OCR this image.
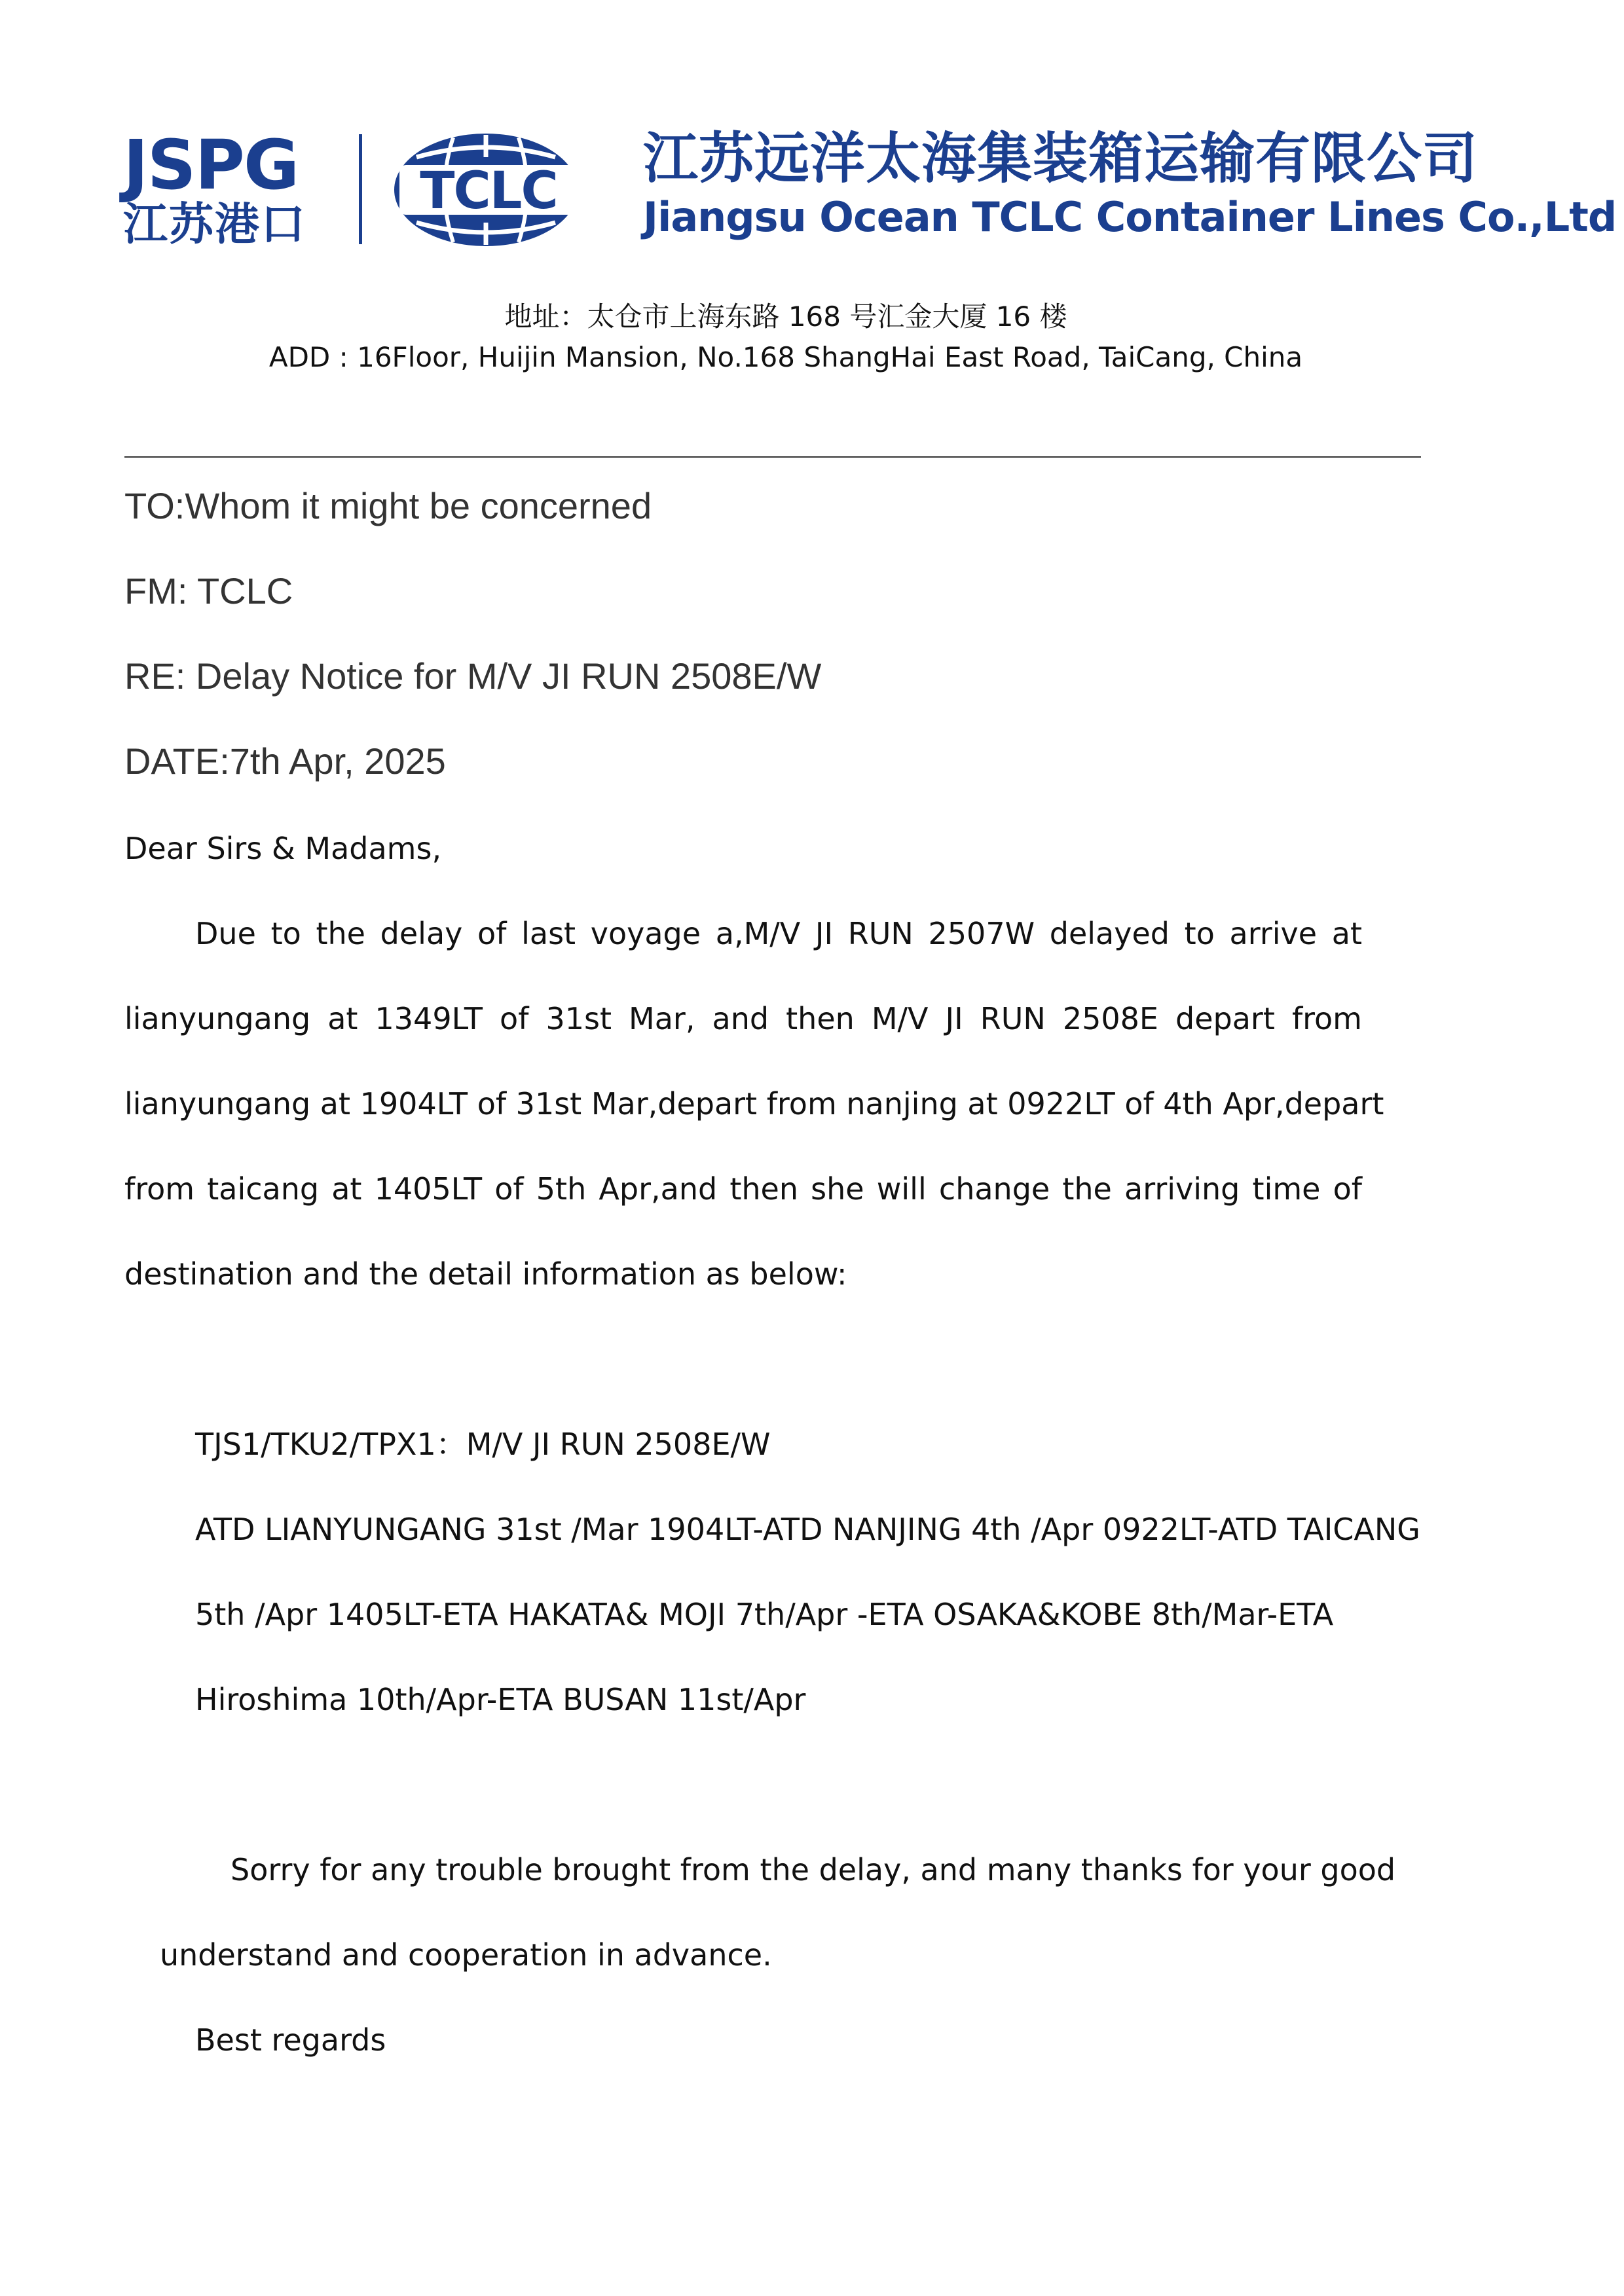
JSPG
江苏港口
TCLC
江苏远洋太海集装箱运输有限公司
Jiangsu Ocean TCLC Container Lines Co.,Ltd
地址：太仓市上海东路 168 号汇金大厦 16 楼
ADD : 16Floor, Huijin Mansion, No.168 ShangHai East Road, TaiCang, China
TO:Whom it might be concerned
FM: TCLC
RE: Delay Notice for M/V JI RUN 2508E/W
DATE:7th Apr, 2025
Dear Sirs & Madams,
Due to the delay of last voyage a,M/V JI RUN 2507W delayed to arrive at
lianyungang at 1349LT of 31st Mar, and then M/V JI RUN 2508E depart from
lianyungang at 1904LT of 31st Mar,depart from nanjing at 0922LT of 4th Apr,depart
from taicang at 1405LT of 5th Apr,and then she will change the arriving time of
destination and the detail information as below:
TJS1/TKU2/TPX1：M/V JI RUN 2508E/W
ATD LIANYUNGANG 31st /Mar 1904LT-ATD NANJING 4th /Apr 0922LT-ATD TAICANG
5th /Apr 1405LT-ETA HAKATA& MOJI 7th/Apr -ETA OSAKA&KOBE 8th/Mar-ETA
Hiroshima 10th/Apr-ETA BUSAN 11st/Apr
Sorry for any trouble brought from the delay, and many thanks for your good
understand and cooperation in advance.
Best regards
